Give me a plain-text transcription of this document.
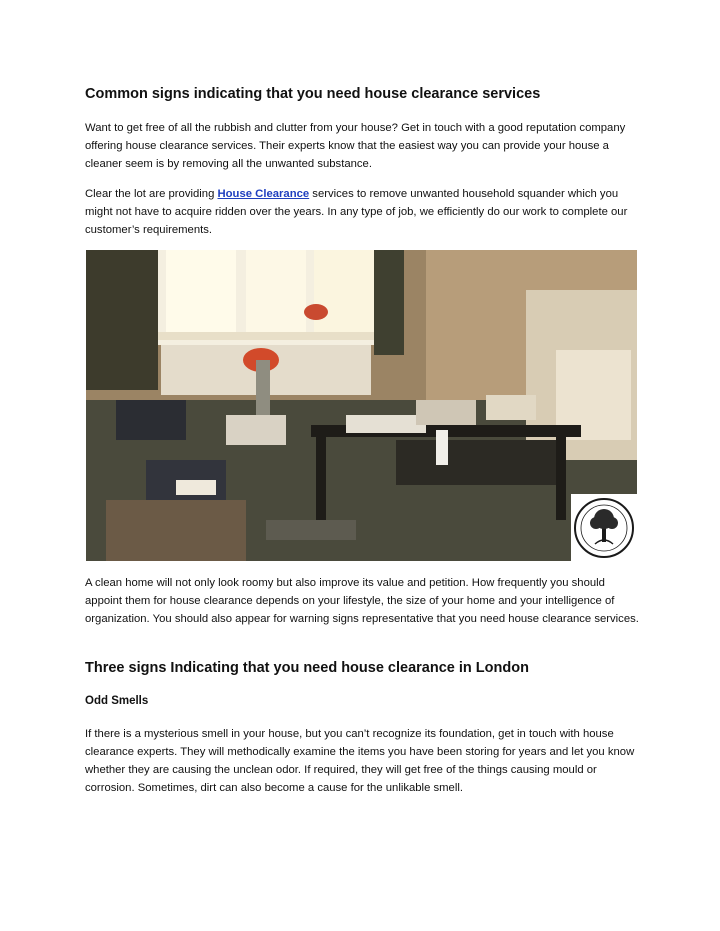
Common signs indicating that you need house clearance services

Want to get free of all the rubbish and clutter from your house? Get in touch with a good reputation company offering house clearance services. Their experts know that the easiest way you can provide your house a cleaner seem is by removing all the unwanted substance.

Clear the lot are providing House Clearance services to remove unwanted household squander which you might not have to acquire ridden over the years. In any type of job, we efficiently do our work to complete our customer’s requirements.

A clean home will not only look roomy but also improve its value and petition. How frequently you should appoint them for house clearance depends on your lifestyle, the size of your home and your intelligence of organization. You should also appear for warning signs representative that you need house clearance services.

Three signs Indicating that you need house clearance in London
Odd Smells

If there is a mysterious smell in your house, but you can’t recognize its foundation, get in touch with house clearance experts. They will methodically examine the items you have been storing for years and let you know whether they are causing the unclean odor. If required, they will get free of the things causing mould or corrosion. Sometimes, dirt can also become a cause for the unlikable smell.
